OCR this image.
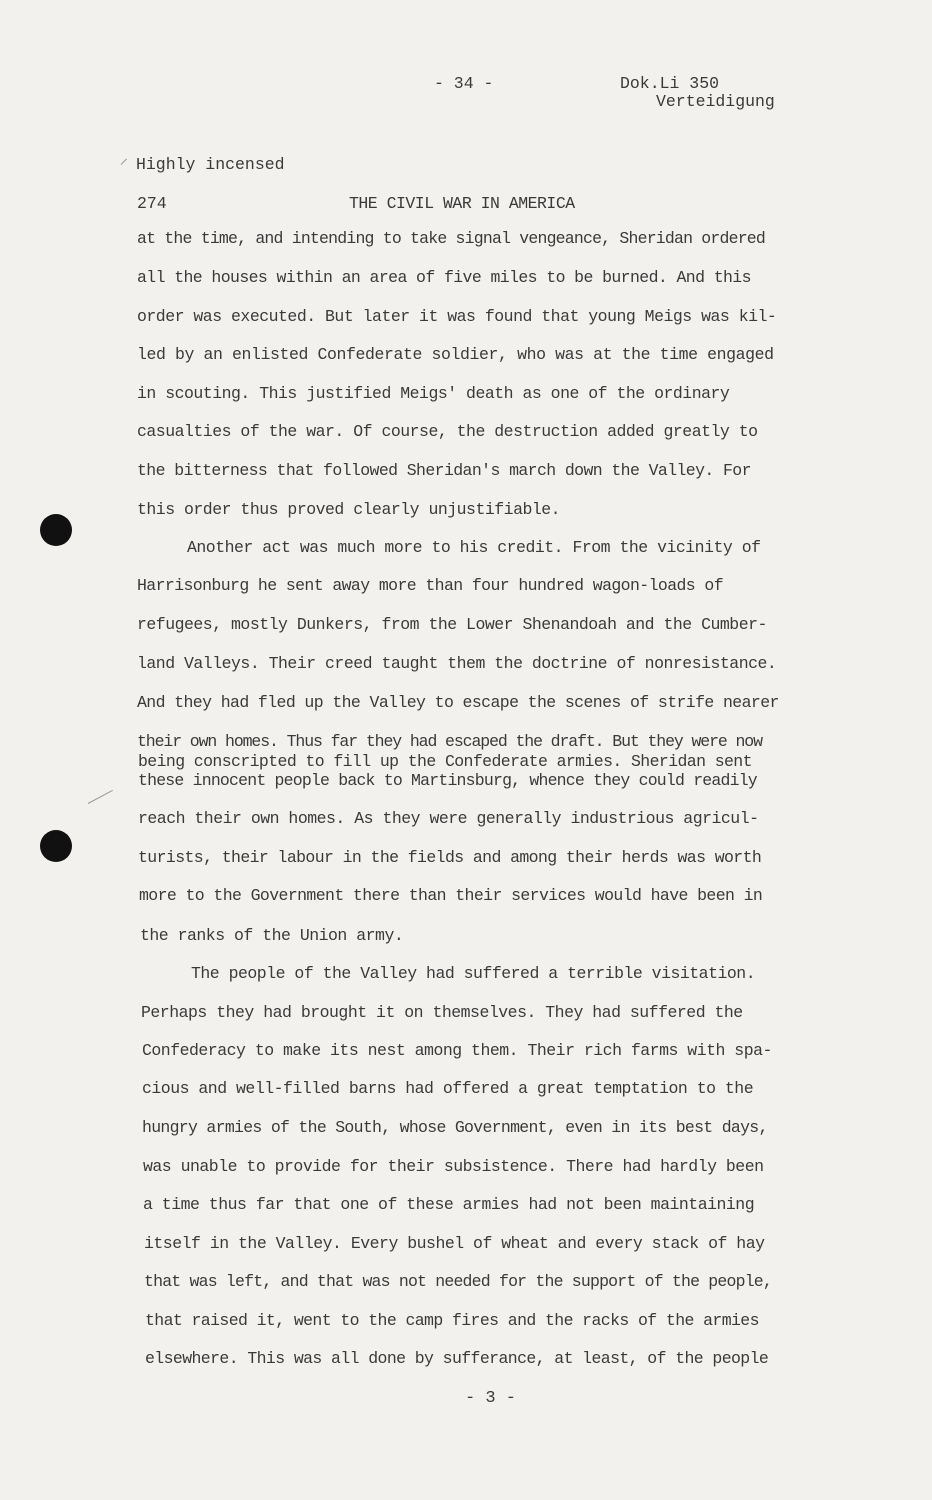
- 34 -	Dok.Li 350
Verteidigung
Highly incensed
274	THE CIVIL WAR IN AMERICA
at the time, and intending to take signal vengeance, Sheridan ordered
all the houses within an area of five miles to be burned. And this
order was executed. But later it was found that young Meigs was kil-
led by an enlisted Confederate soldier, who was at the time engaged
in scouting. This justified Meigs' death as one of the ordinary
casualties of the war. Of course, the destruction added greatly to
the bitterness that followed Sheridan's march down the Valley. For
this order thus proved clearly unjustifiable.
Another act was much more to his credit. From the vicinity of
Harrisonburg he sent away more than four hundred wagon-loads of
refugees, mostly Dunkers, from the Lower Shenandoah and the Cumber-
land Valleys. Their creed taught them the doctrine of nonresistance.
And they had fled up the Valley to escape the scenes of strife nearer
their own homes. Thus far they had escaped the draft. But they were now
being conscripted to fill up the Confederate armies. Sheridan sent
these innocent people back to Martinsburg, whence they could readily
reach their own homes. As they were generally industrious agricul-
turists, their labour in the fields and among their herds was worth
more to the Government there than their services would have been in
the ranks of the Union army.
The people of the Valley had suffered a terrible visitation.
Perhaps they had brought it on themselves. They had suffered the
Confederacy to make its nest among them. Their rich farms with spa-
cious and well-filled barns had offered a great temptation to the
hungry armies of the South, whose Government, even in its best days,
was unable to provide for their subsistence. There had hardly been
a time thus far that one of these armies had not been maintaining
itself in the Valley. Every bushel of wheat and every stack of hay
that was left, and that was not needed for the support of the people,
that raised it, went to the camp fires and the racks of the armies
elsewhere. This was all done by sufferance, at least, of the people
- 3 -
